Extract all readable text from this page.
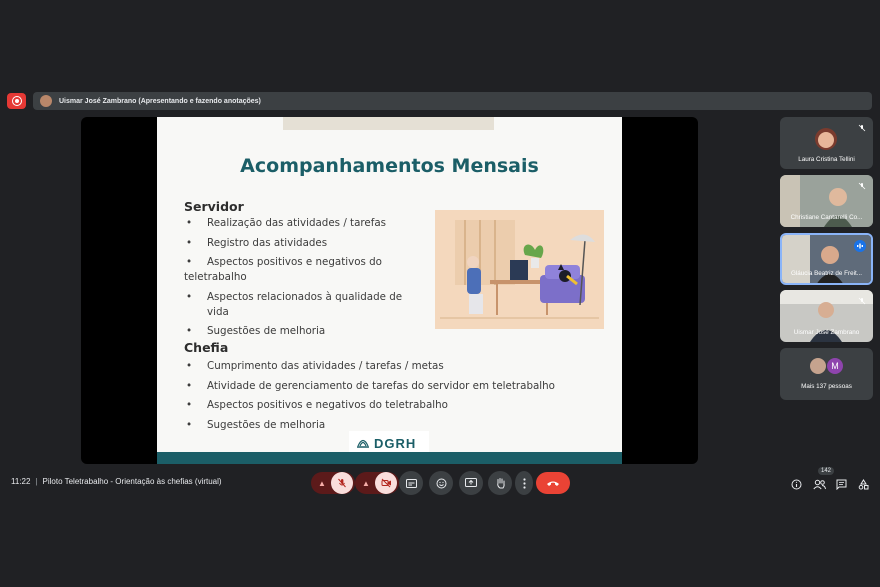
Uismar José Zambrano (Apresentando e fazendo anotações)
Acompanhamentos Mensais
Servidor
• Realização das atividades / tarefas
• Registro das atividades
• Aspectos positivos e negativos do teletrabalho
• Aspectos relacionados à qualidade de vida
• Sugestões de melhoria
Chefia
• Cumprimento das atividades / tarefas / metas
• Atividade de gerenciamento de tarefas do servidor em teletrabalho
• Aspectos positivos e negativos do teletrabalho
• Sugestões de melhoria
DGRH
Laura Cristina Tellini
Christiane Cantarelli Co...
Gláucia Beatriz de Freit...
Uismar José Zambrano
M
Mais 137 pessoas
11:22 | Piloto Teletrabalho - Orientação às chefias (virtual)	▲	▲
142
